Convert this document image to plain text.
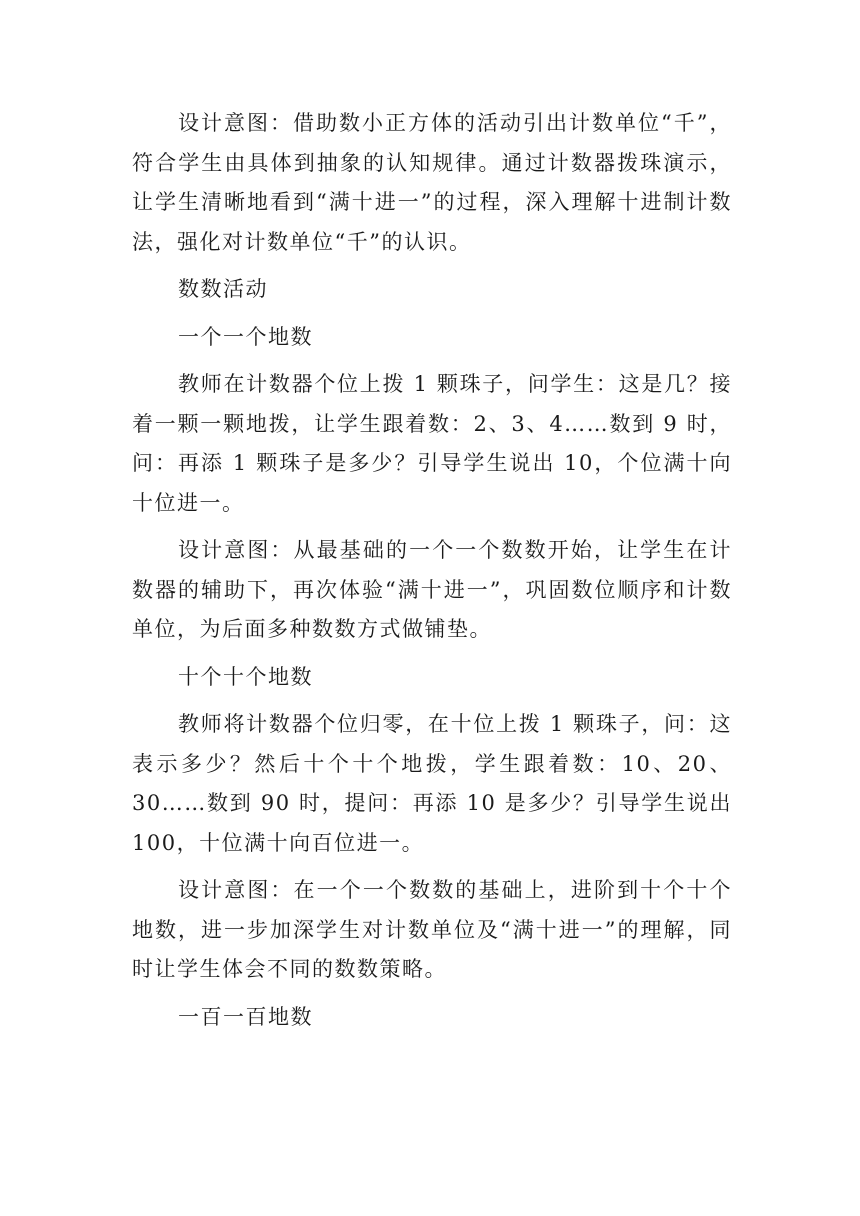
设计意图：借助数小正方体的活动引出计数单位“千”，符合学生由具体到抽象的认知规律。通过计数器拨珠演示，让学生清晰地看到“满十进一”的过程，深入理解十进制计数法，强化对计数单位“千”的认识。

数数活动

一个一个地数

教师在计数器个位上拨 1 颗珠子，问学生：这是几？接着一颗一颗地拨，让学生跟着数：2、3、4……数到 9 时，问：再添 1 颗珠子是多少？引导学生说出 10，个位满十向十位进一。

设计意图：从最基础的一个一个数数开始，让学生在计数器的辅助下，再次体验“满十进一”，巩固数位顺序和计数单位，为后面多种数数方式做铺垫。

十个十个地数

教师将计数器个位归零，在十位上拨 1 颗珠子，问：这表示多少？然后十个十个地拨，学生跟着数：10、20、30……数到 90 时，提问：再添 10 是多少？引导学生说出 100，十位满十向百位进一。

设计意图：在一个一个数数的基础上，进阶到十个十个地数，进一步加深学生对计数单位及“满十进一”的理解，同时让学生体会不同的数数策略。

一百一百地数
